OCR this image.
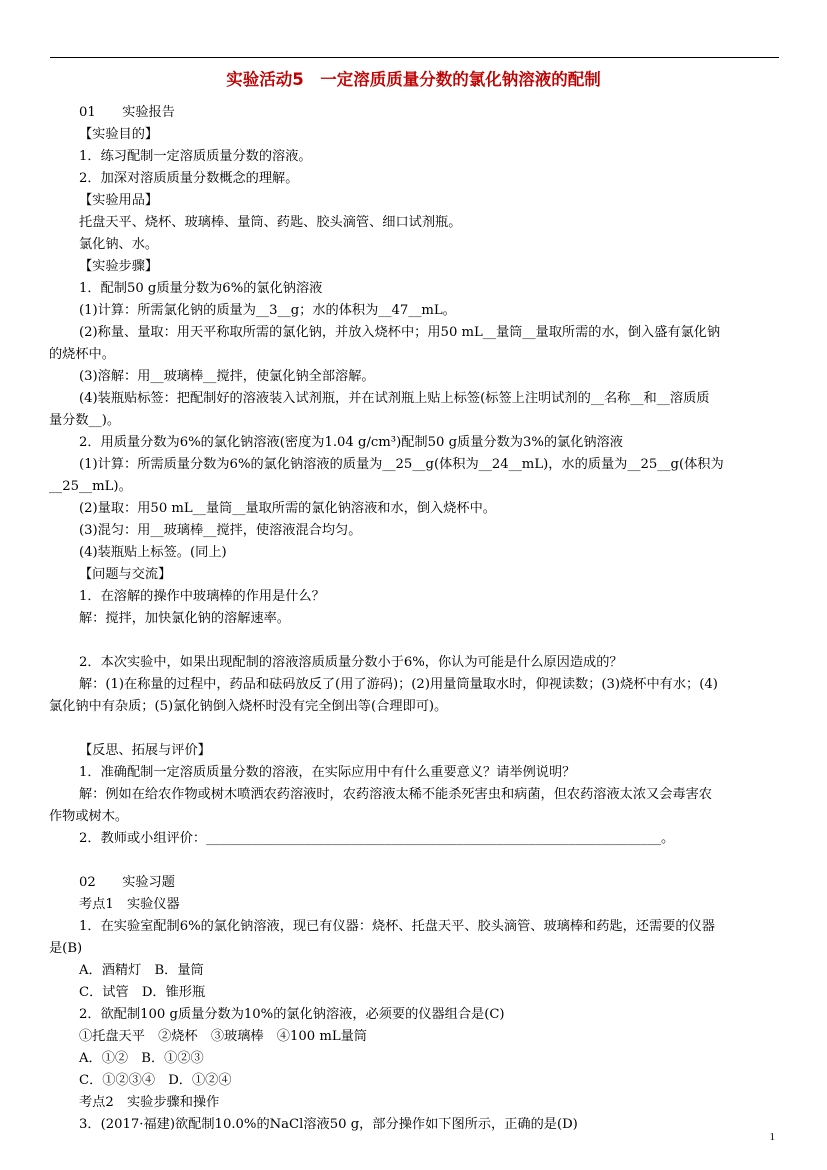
实验活动5　一定溶质质量分数的氯化钠溶液的配制

01　　实验报告

【实验目的】

1．练习配制一定溶质质量分数的溶液。

2．加深对溶质质量分数概念的理解。

【实验用品】

托盘天平、烧杯、玻璃棒、量筒、药匙、胶头滴管、细口试剂瓶。

氯化钠、水。

【实验步骤】

1．配制50 g质量分数为6%的氯化钠溶液

(1)计算：所需氯化钠的质量为__3__g；水的体积为__47__mL。

(2)称量、量取：用天平称取所需的氯化钠，并放入烧杯中；用50 mL__量筒__量取所需的水，倒入盛有氯化钠

的烧杯中。

(3)溶解：用__玻璃棒__搅拌，使氯化钠全部溶解。

(4)装瓶贴标签：把配制好的溶液装入试剂瓶，并在试剂瓶上贴上标签(标签上注明试剂的__名称__和__溶质质

量分数__)。

2．用质量分数为6%的氯化钠溶液(密度为1.04 g/cm³)配制50 g质量分数为3%的氯化钠溶液

(1)计算：所需质量分数为6%的氯化钠溶液的质量为__25__g(体积为__24__mL)，水的质量为__25__g(体积为

__25__mL)。

(2)量取：用50 mL__量筒__量取所需的氯化钠溶液和水，倒入烧杯中。

(3)混匀：用__玻璃棒__搅拌，使溶液混合均匀。

(4)装瓶贴上标签。(同上)

【问题与交流】

1．在溶解的操作中玻璃棒的作用是什么？

解：搅拌，加快氯化钠的溶解速率。

2．本次实验中，如果出现配制的溶液溶质质量分数小于6%，你认为可能是什么原因造成的？

解：(1)在称量的过程中，药品和砝码放反了(用了游码)；(2)用量筒量取水时，仰视读数；(3)烧杯中有水；(4)

氯化钠中有杂质；(5)氯化钠倒入烧杯时没有完全倒出等(合理即可)。

【反思、拓展与评价】

1．准确配制一定溶质质量分数的溶液，在实际应用中有什么重要意义？请举例说明？

解：例如在给农作物或树木喷洒农药溶液时，农药溶液太稀不能杀死害虫和病菌，但农药溶液太浓又会毒害农

作物或树木。

2．教师或小组评价：_____________________________________________________________________。

02　　实验习题

考点1　实验仪器

1．在实验室配制6%的氯化钠溶液，现已有仪器：烧杯、托盘天平、胶头滴管、玻璃棒和药匙，还需要的仪器

是(B)

A．酒精灯　B．量筒

C．试管　D．锥形瓶

2．欲配制100 g质量分数为10%的氯化钠溶液，必须要的仪器组合是(C)

①托盘天平　②烧杯　③玻璃棒　④100 mL量筒

A．①②　B．①②③

C．①②③④　D．①②④

考点2　实验步骤和操作

3．(2017·福建)欲配制10.0%的NaCl溶液50 g，部分操作如下图所示，正确的是(D)

1
